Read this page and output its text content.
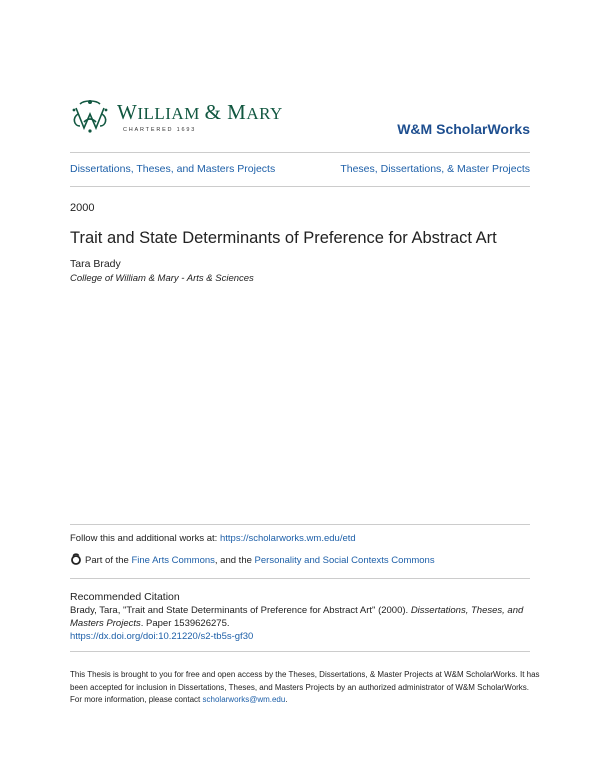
WILLIAM & MARY
CHARTERED 1693	W&M ScholarWorks
Dissertations, Theses, and Masters Projects	Theses, Dissertations, & Master Projects
2000
Trait and State Determinants of Preference for Abstract Art
Tara Brady
College of William & Mary - Arts & Sciences
Follow this and additional works at: https://scholarworks.wm.edu/etd
Part of the Fine Arts Commons, and the Personality and Social Contexts Commons
Recommended Citation
Brady, Tara, "Trait and State Determinants of Preference for Abstract Art" (2000). Dissertations, Theses, and Masters Projects. Paper 1539626275.
https://dx.doi.org/doi:10.21220/s2-tb5s-gf30
This Thesis is brought to you for free and open access by the Theses, Dissertations, & Master Projects at W&M ScholarWorks. It has been accepted for inclusion in Dissertations, Theses, and Masters Projects by an authorized administrator of W&M ScholarWorks. For more information, please contact scholarworks@wm.edu.
